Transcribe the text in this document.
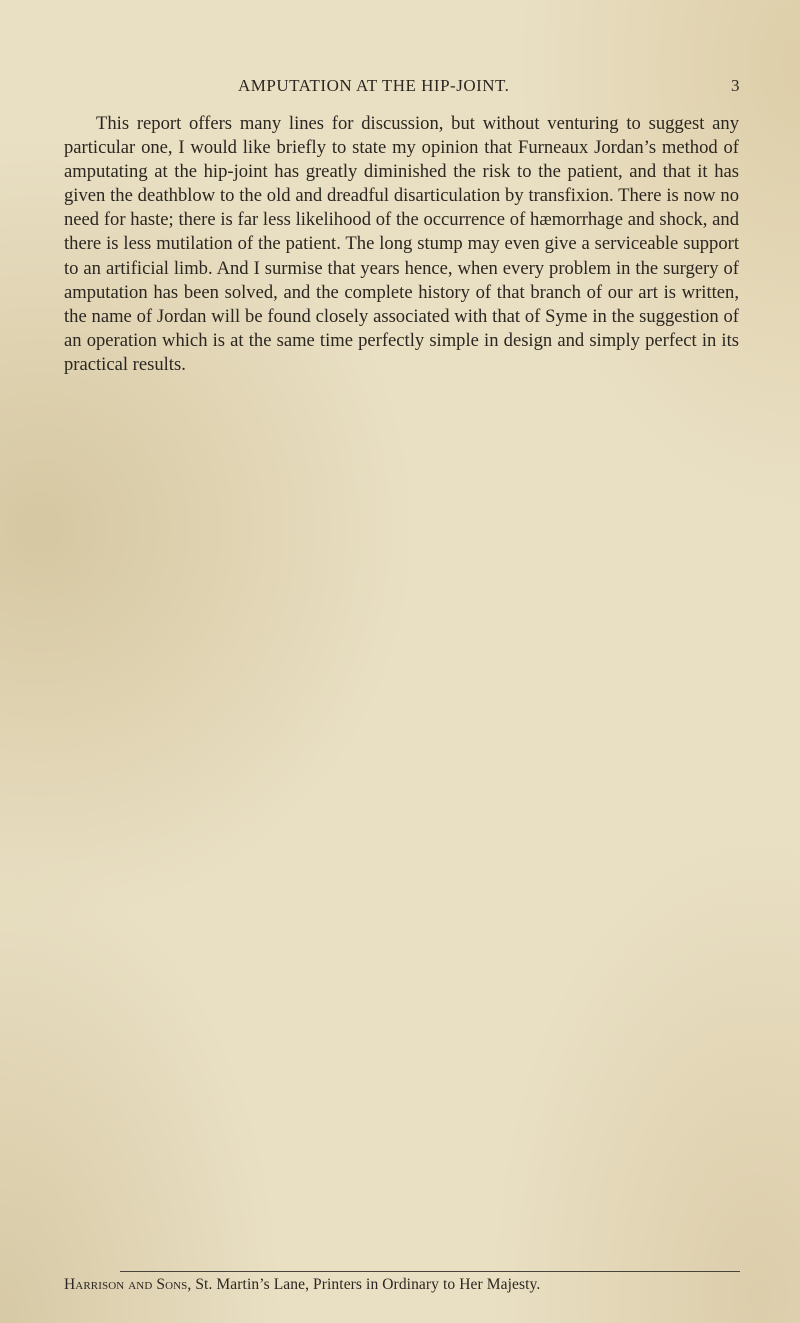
AMPUTATION AT THE HIP-JOINT.	3

This report offers many lines for discussion, but without venturing to suggest any particular one, I would like briefly to state my opinion that Furneaux Jordan’s method of amputating at the hip-joint has greatly diminished the risk to the patient, and that it has given the deathblow to the old and dreadful disarticulation by transfixion. There is now no need for haste; there is far less likelihood of the occurrence of hæmorrhage and shock, and there is less mutilation of the patient. The long stump may even give a serviceable support to an artificial limb. And I surmise that years hence, when every problem in the surgery of amputation has been solved, and the complete history of that branch of our art is written, the name of Jordan will be found closely associated with that of Syme in the suggestion of an operation which is at the same time perfectly simple in design and simply perfect in its practical results.

Harrison and Sons, St. Martin’s Lane, Printers in Ordinary to Her Majesty.
